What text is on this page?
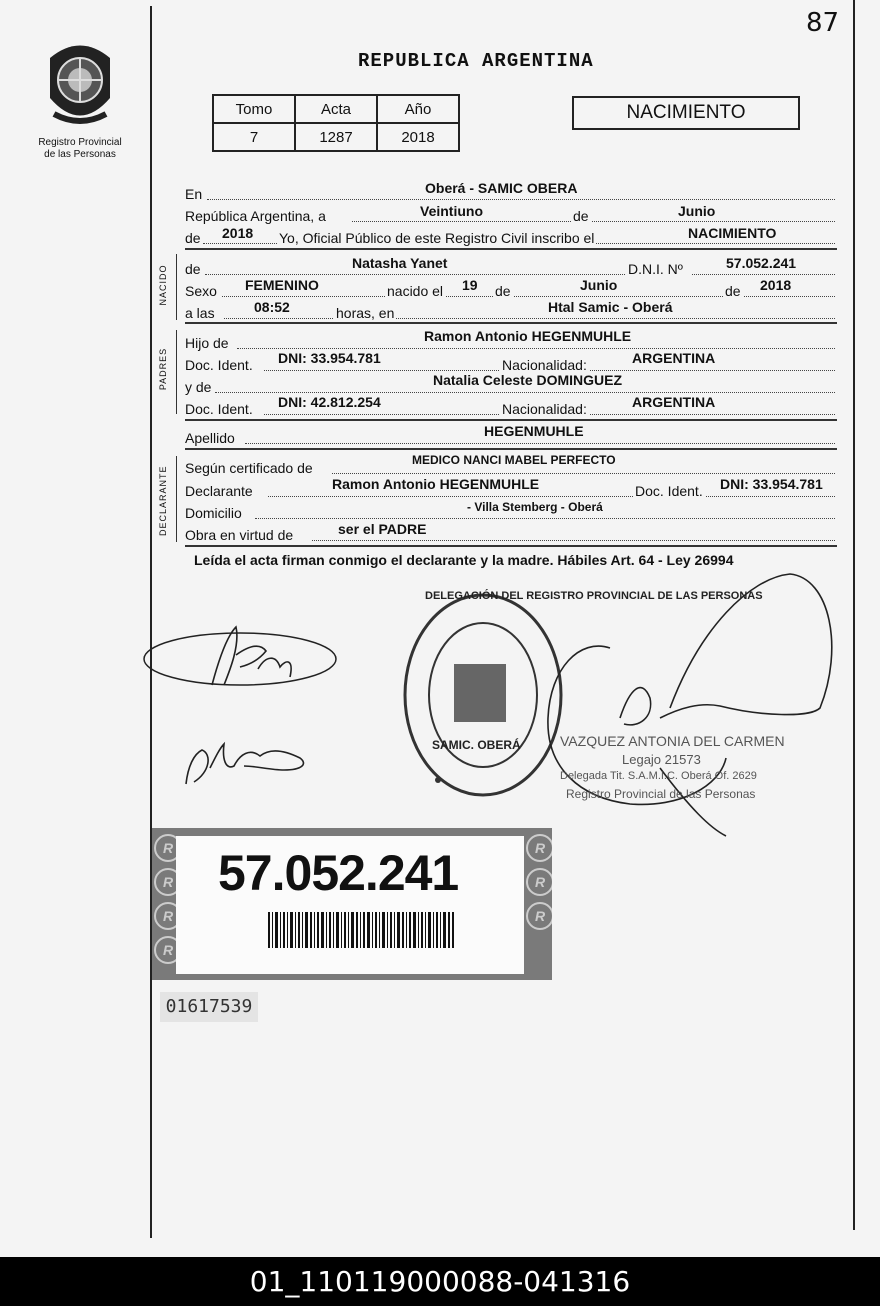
87
Registro Provincial
de las Personas
REPUBLICA ARGENTINA
Tomo	Acta	Año
7	1287	2018
NACIMIENTO
En	Oberá - SAMIC OBERA
República Argentina, a	Veintiuno	de	Junio
de 2018 Yo, Oficial Público de este Registro Civil inscribo el	NACIMIENTO
NACIDO de	Natasha Yanet	D.N.I. Nº	57.052.241
Sexo FEMENINO	nacido el 19 de	Junio	de 2018
a las	08:52	horas, en	Htal Samic - Oberá
PADRES
Hijo de	Ramon Antonio HEGENMUHLE
Doc. Ident. DNI: 33.954.781	Nacionalidad:	ARGENTINA
y de	Natalia Celeste DOMINGUEZ
Doc. Ident. DNI: 42.812.254	Nacionalidad:	ARGENTINA
Apellido	HEGENMUHLE
DECLARANTE Según certificado de	MEDICO NANCI MABEL PERFECTO
Declarante	Ramon Antonio HEGENMUHLE	Doc. Ident. DNI: 33.954.781
Domicilio	- Villa Stemberg - Oberá
Obra en virtud de	ser el PADRE
Leída el acta firman conmigo el declarante y la madre. Hábiles Art. 64 - Ley 26994
DELEGACIÓN DEL REGISTRO PROVINCIAL DE LAS PERSONAS
SAMIC. OBERÁ	VAZQUEZ ANTONIA DEL CARMEN
Legajo 21573
Delegada Tit. S.A.M.I.C. Oberá Of. 2629
Registro Provincial de las Personas
R
R
R
R
R
R
R
57.052.241
01617539
01_110119000088-041316
